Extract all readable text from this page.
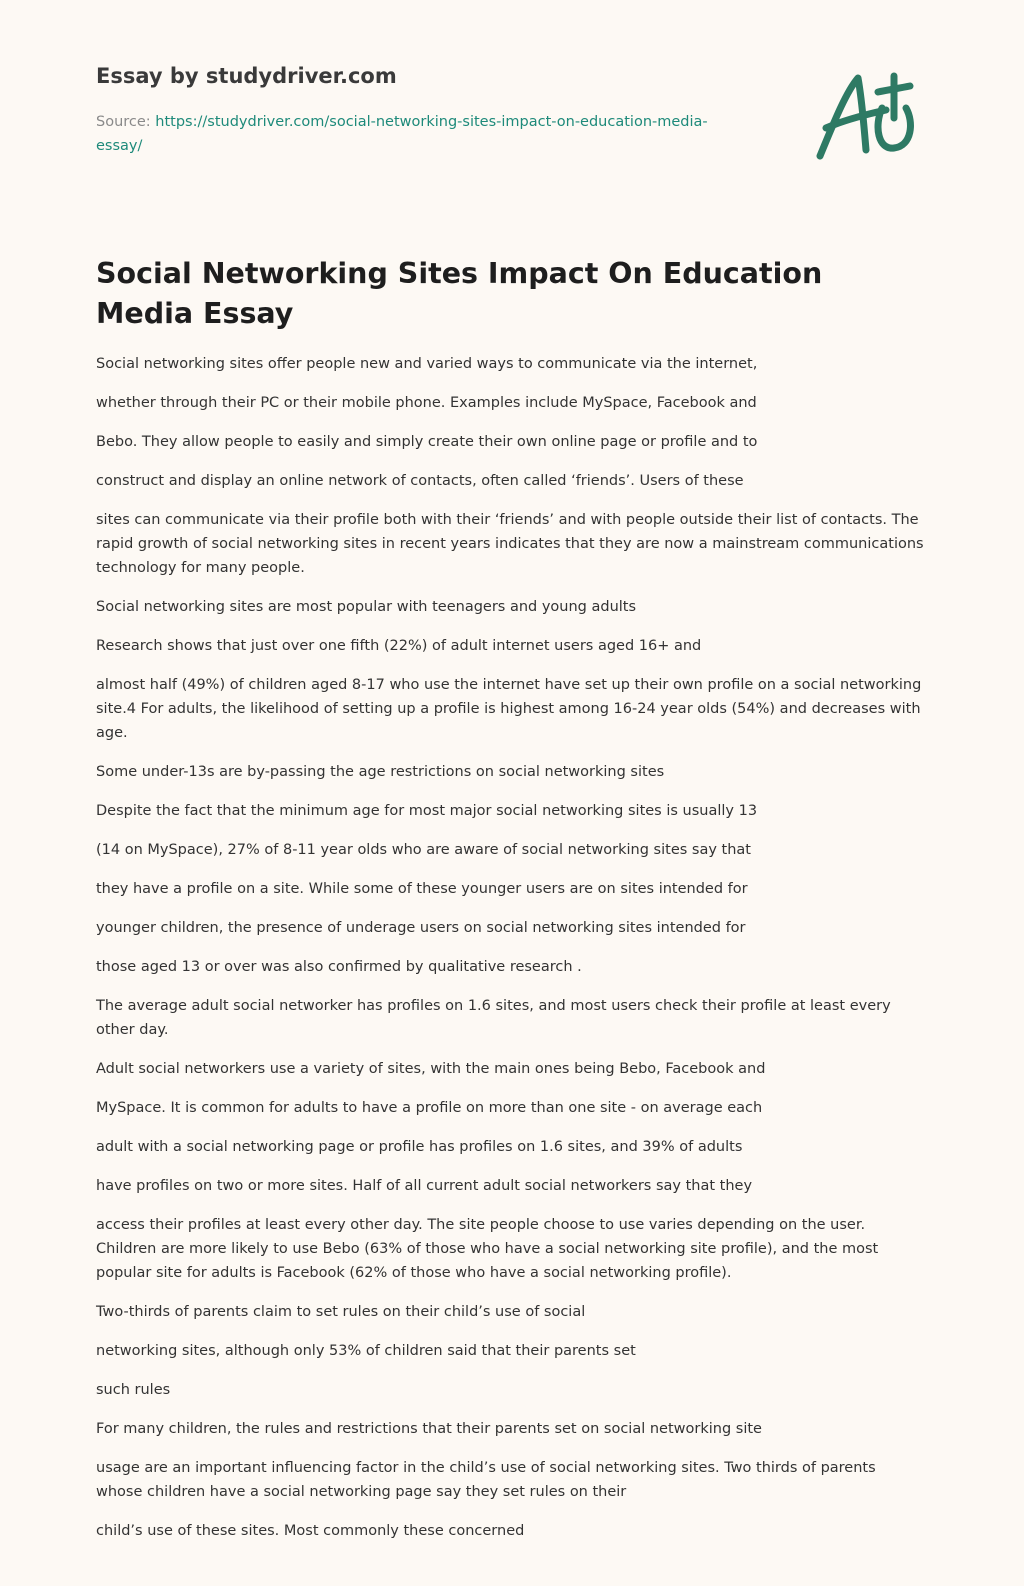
Essay by studydriver.com
Source: https://studydriver.com/social-networking-sites-impact-on-education-media-essay/
Social Networking Sites Impact On Education Media Essay

Social networking sites offer people new and varied ways to communicate via the internet,

whether through their PC or their mobile phone. Examples include MySpace, Facebook and

Bebo. They allow people to easily and simply create their own online page or profile and to

construct and display an online network of contacts, often called ‘friends’. Users of these

sites can communicate via their profile both with their ‘friends’ and with people outside their list of contacts. The rapid growth of social networking sites in recent years indicates that they are now a mainstream communications technology for many people.

Social networking sites are most popular with teenagers and young adults

Research shows that just over one fifth (22%) of adult internet users aged 16+ and

almost half (49%) of children aged 8-17 who use the internet have set up their own profile on a social networking site.4 For adults, the likelihood of setting up a profile is highest among 16-24 year olds (54%) and decreases with age.

Some under-13s are by-passing the age restrictions on social networking sites

Despite the fact that the minimum age for most major social networking sites is usually 13

(14 on MySpace), 27% of 8-11 year olds who are aware of social networking sites say that

they have a profile on a site. While some of these younger users are on sites intended for

younger children, the presence of underage users on social networking sites intended for

those aged 13 or over was also confirmed by qualitative research .

The average adult social networker has profiles on 1.6 sites, and most users check their profile at least every other day.

Adult social networkers use a variety of sites, with the main ones being Bebo, Facebook and

MySpace. It is common for adults to have a profile on more than one site - on average each

adult with a social networking page or profile has profiles on 1.6 sites, and 39% of adults

have profiles on two or more sites. Half of all current adult social networkers say that they

access their profiles at least every other day. The site people choose to use varies depending on the user. Children are more likely to use Bebo (63% of those who have a social networking site profile), and the most popular site for adults is Facebook (62% of those who have a social networking profile).

Two-thirds of parents claim to set rules on their child’s use of social

networking sites, although only 53% of children said that their parents set

such rules

For many children, the rules and restrictions that their parents set on social networking site

usage are an important influencing factor in the child’s use of social networking sites. Two thirds of parents whose children have a social networking page say they set rules on their

child’s use of these sites. Most commonly these concerned
